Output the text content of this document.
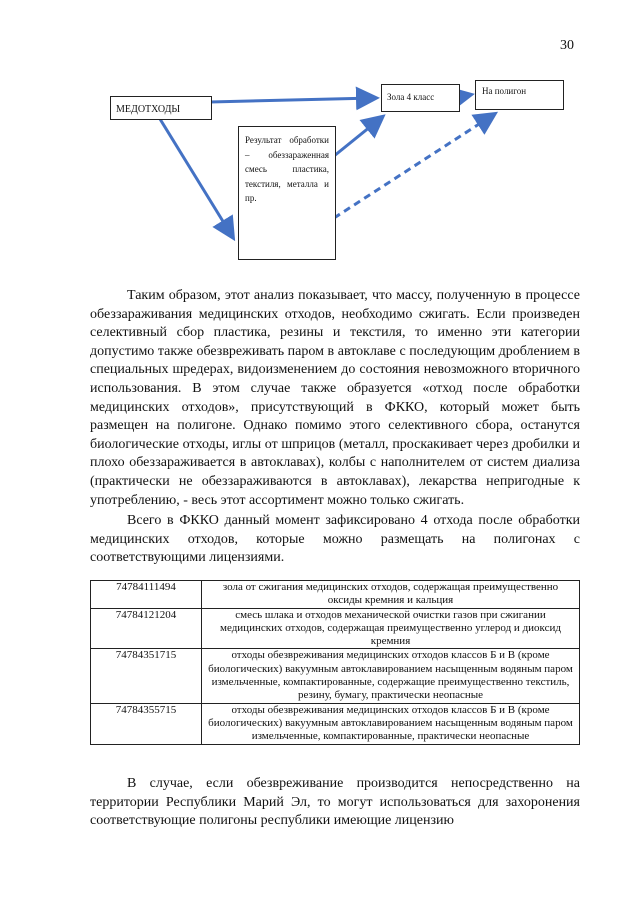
30
МЕДОТХОДЫ
Зола 4 класс
На полигон
Результат обработки – обеззараженная смесь пластика, текстиля, металла и пр.

Таким образом, этот анализ показывает, что массу, полученную в процессе обеззараживания медицинских отходов, необходимо сжигать. Если произведен селективный сбор пластика, резины и текстиля, то именно эти категории допустимо также обезвреживать паром в автоклаве с последующим дроблением в специальных шредерах, видоизменением до состояния невозможного вторичного использования. В этом случае также образуется «отход после обработки медицинских отходов», присутствующий в ФККО, который может быть размещен на полигоне. Однако помимо этого селективного сбора, останутся биологические отходы, иглы от шприцов (металл, проскакивает через дробилки и плохо обеззараживается в автоклавах), колбы с наполнителем от систем диализа (практически не обеззараживаются в автоклавах), лекарства непригодные к употреблению, - весь этот ассортимент можно только сжигать.

Всего в ФККО данный момент зафиксировано 4 отхода после обработки медицинских отходов, которые можно размещать на полигонах с соответствующими лицензиями.

74784111494	зола от сжигания медицинских отходов, содержащая преимущественно оксиды кремния и кальция
74784121204	смесь шлака и отходов механической очистки газов при сжигании медицинских отходов, содержащая преимущественно углерод и диоксид кремния
74784351715	отходы обезвреживания медицинских отходов классов Б и В (кроме биологических) вакуумным автоклавированием насыщенным водяным паром измельченные, компактированные, содержащие преимущественно текстиль, резину, бумагу, практически неопасные
74784355715	отходы обезвреживания медицинских отходов классов Б и В (кроме биологических) вакуумным автоклавированием насыщенным водяным паром измельченные, компактированные, практически неопасные

В случае, если обезвреживание производится непосредственно на территории Республики Марий Эл, то могут использоваться для захоронения соответствующие полигоны республики имеющие лицензию
